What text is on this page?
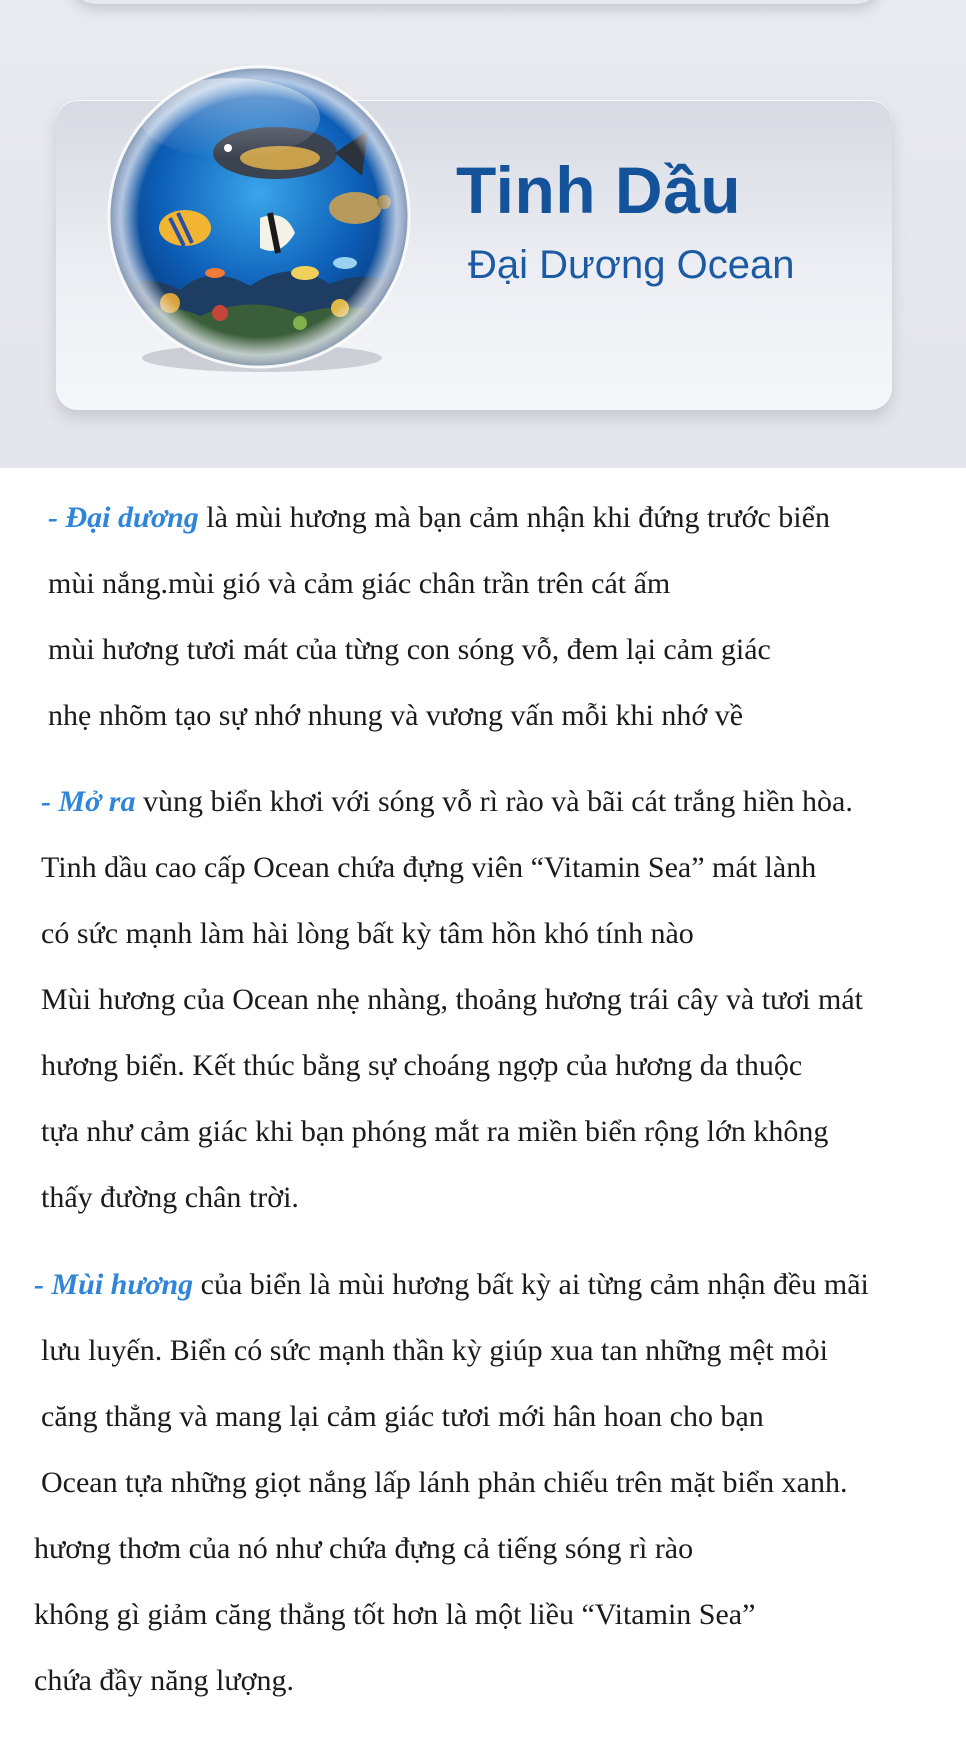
Tinh Dầu

Đại Dương Ocean

- Đại dương là mùi hương mà bạn cảm nhận khi đứng trước biển
mùi nắng.mùi gió và cảm giác chân trần trên cát ấm
mùi hương tươi mát của từng con sóng vỗ, đem lại cảm giác
nhẹ nhõm tạo sự nhớ nhung và vương vấn mỗi khi nhớ về
- Mở ra vùng biển khơi với sóng vỗ rì rào và bãi cát trắng hiền hòa.
Tinh dầu cao cấp Ocean chứa đựng viên “Vitamin Sea” mát lành
có sức mạnh làm hài lòng bất kỳ tâm hồn khó tính nào
Mùi hương của Ocean nhẹ nhàng, thoảng hương trái cây và tươi mát
hương biển. Kết thúc bằng sự choáng ngợp của hương da thuộc
tựa như cảm giác khi bạn phóng mắt ra miền biển rộng lớn không
thấy đường chân trời.
- Mùi hương của biển là mùi hương bất kỳ ai từng cảm nhận đều mãi
lưu luyến. Biển có sức mạnh thần kỳ giúp xua tan những mệt mỏi
căng thẳng và mang lại cảm giác tươi mới hân hoan cho bạn
Ocean tựa những giọt nắng lấp lánh phản chiếu trên mặt biển xanh.
hương thơm của nó như chứa đựng cả tiếng sóng rì rào
không gì giảm căng thẳng tốt hơn là một liều “Vitamin Sea”
chứa đầy năng lượng.
